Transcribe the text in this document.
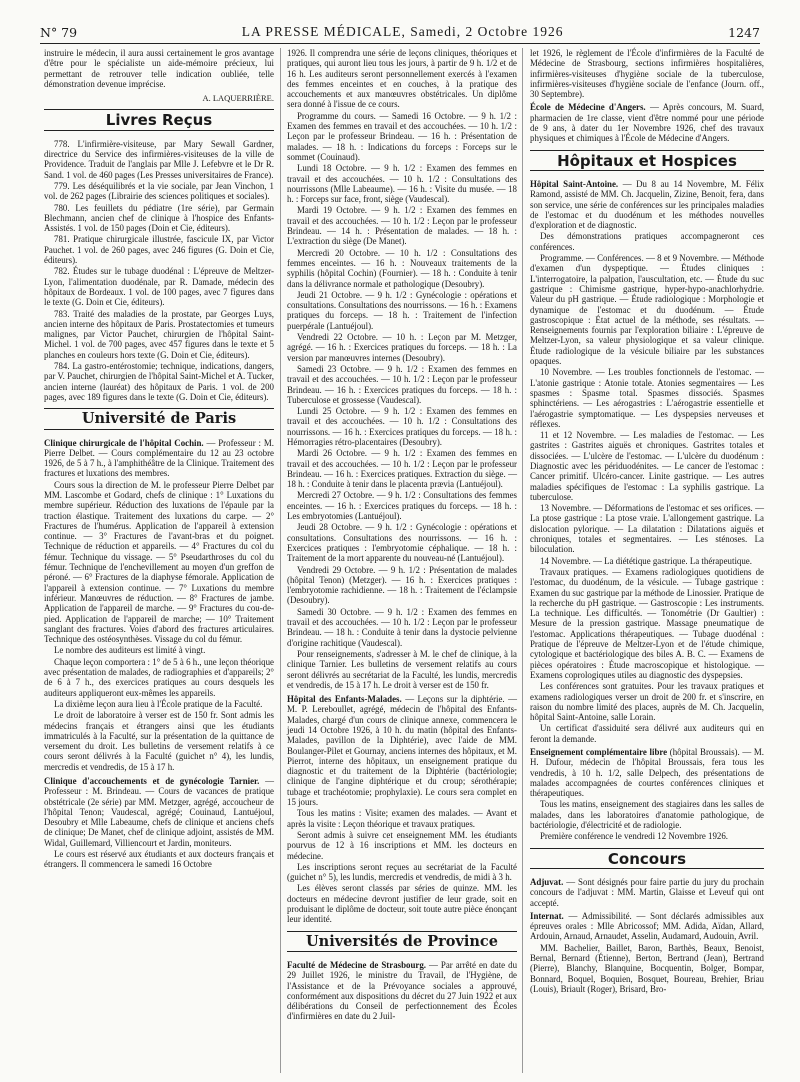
N° 79	LA PRESSE MÉDICALE, Samedi, 2 Octobre 1926	1247

instruire le médecin, il aura aussi certainement le gros avantage d'être pour le spécialiste un aide-mémoire précieux, lui permettant de retrouver telle indication oubliée, telle démonstration devenue imprécise.

A. LAQUERRIÈRE.
Livres Reçus

778. L'infirmière-visiteuse, par Mary Sewall Gardner, directrice du Service des infirmières-visiteuses de la ville de Providence. Traduit de l'anglais par Mlle J. Lefebvre et le Dr R. Sand. 1 vol. de 460 pages (Les Presses universitaires de France).

779. Les déséquilibrés et la vie sociale, par Jean Vinchon, 1 vol. de 262 pages (Librairie des sciences politiques et sociales).

780. Les feuillets du pédiatre (1re série), par Germain Blechmann, ancien chef de clinique à l'hospice des Enfants-Assistés. 1 vol. de 150 pages (Doin et Cie, éditeurs).

781. Pratique chirurgicale illustrée, fascicule IX, par Victor Pauchet. 1 vol. de 260 pages, avec 246 figures (G. Doin et Cie, éditeurs).

782. Études sur le tubage duodénal : L'épreuve de Meltzer-Lyon, l'alimentation duodénale, par R. Damade, médecin des hôpitaux de Bordeaux. 1 vol. de 100 pages, avec 7 figures dans le texte (G. Doin et Cie, éditeurs).

783. Traité des maladies de la prostate, par Georges Luys, ancien interne des hôpitaux de Paris. Prostatectomies et tumeurs malignes, par Victor Pauchet, chirurgien de l'hôpital Saint-Michel. 1 vol. de 700 pages, avec 457 figures dans le texte et 5 planches en couleurs hors texte (G. Doin et Cie, éditeurs).

784. La gastro-entérostomie; technique, indications, dangers, par V. Pauchet, chirurgien de l'hôpital Saint-Michel et A. Tucker, ancien interne (lauréat) des hôpitaux de Paris. 1 vol. de 200 pages, avec 189 figures dans le texte (G. Doin et Cie, éditeurs).

Université de Paris

Clinique chirurgicale de l'hôpital Cochin. — Professeur : M. Pierre Delbet. — Cours complémentaire du 12 au 23 octobre 1926, de 5 à 7 h., à l'amphithéâtre de la Clinique. Traitement des fractures et luxations des membres.

Cours sous la direction de M. le professeur Pierre Delbet par MM. Lascombe et Godard, chefs de clinique : 1° Luxations du membre supérieur. Réduction des luxations de l'épaule par la traction élastique. Traitement des luxations du carpe. — 2° Fractures de l'humérus. Application de l'appareil à extension continue. — 3° Fractures de l'avant-bras et du poignet. Technique de réduction et appareils. — 4° Fractures du col du fémur. Technique du vissage. — 5° Pseudarthroses du col du fémur. Technique de l'enchevillement au moyen d'un greffon de péroné. — 6° Fractures de la diaphyse fémorale. Application de l'appareil à extension continue. — 7° Luxations du membre inférieur. Manœuvres de réduction. — 8° Fractures de jambe. Application de l'appareil de marche. — 9° Fractures du cou-de-pied. Application de l'appareil de marche; — 10° Traitement sanglant des fractures. Voies d'abord des fractures articulaires. Technique des ostéosynthèses. Vissage du col du fémur.

Le nombre des auditeurs est limité à vingt.

Chaque leçon comportera : 1° de 5 à 6 h., une leçon théorique avec présentation de malades, de radiographies et d'appareils; 2° de 6 à 7 h., des exercices pratiques au cours desquels les auditeurs appliqueront eux-mêmes les appareils.

La dixième leçon aura lieu à l'École pratique de la Faculté.

Le droit de laboratoire à verser est de 150 fr. Sont admis les médecins français et étrangers ainsi que les étudiants immatriculés à la Faculté, sur la présentation de la quittance de versement du droit. Les bulletins de versement relatifs à ce cours seront délivrés à la Faculté (guichet n° 4), les lundis, mercredis et vendredis, de 15 à 17 h.

Clinique d'accouchements et de gynécologie Tarnier. — Professeur : M. Brindeau. — Cours de vacances de pratique obstétricale (2e série) par MM. Metzger, agrégé, accoucheur de l'hôpital Tenon; Vaudescal, agrégé; Couinaud, Lantuéjoul, Desoubry et Mlle Labeaume, chefs de clinique et anciens chefs de clinique; De Manet, chef de clinique adjoint, assistés de MM. Widal, Guillemard, Villiencourt et Jardin, moniteurs.

Le cours est réservé aux étudiants et aux docteurs français et étrangers. Il commencera le samedi 16 Octobre

1926. Il comprendra une série de leçons cliniques, théoriques et pratiques, qui auront lieu tous les jours, à partir de 9 h. 1/2 et de 16 h. Les auditeurs seront personnellement exercés à l'examen des femmes enceintes et en couches, à la pratique des accouchements et aux manœuvres obstétricales. Un diplôme sera donné à l'issue de ce cours.

Programme du cours. — Samedi 16 Octobre. — 9 h. 1/2 : Examen des femmes en travail et des accouchées. — 10 h. 1/2 : Leçon par le professeur Brindeau. — 16 h. : Présentation de malades. — 18 h. : Indications du forceps : Forceps sur le sommet (Couinaud).

Lundi 18 Octobre. — 9 h. 1/2 : Examen des femmes en travail et des accouchées. — 10 h. 1/2 : Consultations des nourrissons (Mlle Labeaume). — 16 h. : Visite du musée. — 18 h. : Forceps sur face, front, siège (Vaudescal).

Mardi 19 Octobre. — 9 h. 1/2 : Examen des femmes en travail et des accouchées. — 10 h. 1/2 : Leçon par le professeur Brindeau. — 14 h. : Présentation de malades. — 18 h. : L'extraction du siège (De Manet).

Mercredi 20 Octobre. — 10 h. 1/2 : Consultations des femmes enceintes. — 16 h. : Nouveaux traitements de la syphilis (hôpital Cochin) (Fournier). — 18 h. : Conduite à tenir dans la délivrance normale et pathologique (Desoubry).

Jeudi 21 Octobre. — 9 h. 1/2 : Gynécologie : opérations et consultations. Consultations des nourrissons. — 16 h. : Examens pratiques du forceps. — 18 h. : Traitement de l'infection puerpérale (Lantuéjoul).

Vendredi 22 Octobre. — 10 h. : Leçon par M. Metzger, agrégé. — 16 h. : Exercices pratiques du forceps. — 18 h. : La version par manœuvres internes (Desoubry).

Samedi 23 Octobre. — 9 h. 1/2 : Examen des femmes en travail et des accouchées. — 10 h. 1/2 : Leçon par le professeur Brindeau. — 16 h. : Exercices pratiques du forceps. — 18 h. : Tuberculose et grossesse (Vaudescal).

Lundi 25 Octobre. — 9 h. 1/2 : Examen des femmes en travail et des accouchées. — 10 h. 1/2 : Consultations des nourrissons. — 16 h. : Exercices pratiques du forceps. — 18 h. : Hémorragies rétro-placentaires (Desoubry).

Mardi 26 Octobre. — 9 h. 1/2 : Examen des femmes en travail et des accouchées. — 10 h. 1/2 : Leçon par le professeur Brindeau. — 16 h. : Exercices pratiques. Extraction du siège. — 18 h. : Conduite à tenir dans le placenta prævia (Lantuéjoul).

Mercredi 27 Octobre. — 9 h. 1/2 : Consultations des femmes enceintes. — 16 h. : Exercices pratiques du forceps. — 18 h. : Les embryotomies (Lantuéjoul).

Jeudi 28 Octobre. — 9 h. 1/2 : Gynécologie : opérations et consultations. Consultations des nourrissons. — 16 h. : Exercices pratiques : l'embryotomie céphalique. — 18 h. : Traitement de la mort apparente du nouveau-né (Lantuéjoul).

Vendredi 29 Octobre. — 9 h. 1/2 : Présentation de malades (hôpital Tenon) (Metzger). — 16 h. : Exercices pratiques : l'embryotomie rachidienne. — 18 h. : Traitement de l'éclampsie (Desoubry).

Samedi 30 Octobre. — 9 h. 1/2 : Examen des femmes en travail et des accouchées. — 10 h. 1/2 : Leçon par le professeur Brindeau. — 18 h. : Conduite à tenir dans la dystocie pelvienne d'origine rachitique (Vaudescal).

Pour renseignements, s'adresser à M. le chef de clinique, à la clinique Tarnier. Les bulletins de versement relatifs au cours seront délivrés au secrétariat de la Faculté, les lundis, mercredis et vendredis, de 15 à 17 h. Le droit à verser est de 150 fr.

Hôpital des Enfants-Malades. — Leçons sur la diphtérie. — M. P. Lereboullet, agrégé, médecin de l'hôpital des Enfants-Malades, chargé d'un cours de clinique annexe, commencera le jeudi 14 Octobre 1926, à 10 h. du matin (hôpital des Enfants-Malades, pavillon de la Diphtérie), avec l'aide de MM. Boulanger-Pilet et Gournay, anciens internes des hôpitaux, et M. Pierrot, interne des hôpitaux, un enseignement pratique du diagnostic et du traitement de la Diphtérie (bactériologie; clinique de l'angine diphtérique et du croup; sérothérapie; tubage et trachéotomie; prophylaxie). Le cours sera complet en 15 jours.

Tous les matins : Visite; examen des malades. — Avant et après la visite : Leçon théorique et travaux pratiques.

Seront admis à suivre cet enseignement MM. les étudiants pourvus de 12 à 16 inscriptions et MM. les docteurs en médecine.

Les inscriptions seront reçues au secrétariat de la Faculté (guichet n° 5), les lundis, mercredis et vendredis, de midi à 3 h.

Les élèves seront classés par séries de quinze. MM. les docteurs en médecine devront justifier de leur grade, soit en produisant le diplôme de docteur, soit toute autre pièce énonçant leur identité.

Universités de Province

Faculté de Médecine de Strasbourg. — Par arrêté en date du 29 Juillet 1926, le ministre du Travail, de l'Hygiène, de l'Assistance et de la Prévoyance sociales a approuvé, conformément aux dispositions du décret du 27 Juin 1922 et aux délibérations du Conseil de perfectionnement des Écoles d'infirmières en date du 2 Juil-

let 1926, le règlement de l'École d'infirmières de la Faculté de Médecine de Strasbourg, sections infirmières hospitalières, infirmières-visiteuses d'hygiène sociale de la tuberculose, infirmières-visiteuses d'hygiène sociale de l'enfance (Journ. off., 30 Septembre).

École de Médecine d'Angers. — Après concours, M. Suard, pharmacien de 1re classe, vient d'être nommé pour une période de 9 ans, à dater du 1er Novembre 1926, chef des travaux physiques et chimiques à l'École de Médecine d'Angers.

Hôpitaux et Hospices

Hôpital Saint-Antoine. — Du 8 au 14 Novembre, M. Félix Ramond, assisté de MM. Ch. Jacquelin, Zizine, Benoit, fera, dans son service, une série de conférences sur les principales maladies de l'estomac et du duodénum et les méthodes nouvelles d'exploration et de diagnostic.

Des démonstrations pratiques accompagneront ces conférences.

Programme. — Conférences. — 8 et 9 Novembre. — Méthode d'examen d'un dyspeptique. — Études cliniques : L'interrogatoire, la palpation, l'auscultation, etc. — Étude du suc gastrique : Chimisme gastrique, hyper-hypo-anachlorhydrie. Valeur du pH gastrique. — Étude radiologique : Morphologie et dynamique de l'estomac et du duodénum. — Étude gastroscopique : État actuel de la méthode, ses résultats. — Renseignements fournis par l'exploration biliaire : L'épreuve de Meltzer-Lyon, sa valeur physiologique et sa valeur clinique. Étude radiologique de la vésicule biliaire par les substances opaques.

10 Novembre. — Les troubles fonctionnels de l'estomac. — L'atonie gastrique : Atonie totale. Atonies segmentaires — Les spasmes : Spasme total. Spasmes dissociés. Spasmes sphinctériens. — Les aérogastries : L'aérogastrie essentielle et l'aérogastrie symptomatique. — Les dyspepsies nerveuses et réflexes.

11 et 12 Novembre. — Les maladies de l'estomac. — Les gastrites : Gastrites aiguës et chroniques. Gastrites totales et dissociées. — L'ulcère de l'estomac. — L'ulcère du duodénum : Diagnostic avec les périduodénites. — Le cancer de l'estomac : Cancer primitif. Ulcéro-cancer. Linite gastrique. — Les autres maladies spécifiques de l'estomac : La syphilis gastrique. La tuberculose.

13 Novembre. — Déformations de l'estomac et ses orifices. — La ptose gastrique : La ptose vraie. L'allongement gastrique. La dislocation pylorique. — La dilatation : Dilatations aiguës et chroniques, totales et segmentaires. — Les sténoses. La biloculation.

14 Novembre. — La diététique gastrique. La thérapeutique.

Travaux pratiques. — Examens radiologiques quotidiens de l'estomac, du duodénum, de la vésicule. — Tubage gastrique : Examen du suc gastrique par la méthode de Linossier. Pratique de la recherche du pH gastrique. — Gastroscopie : Les instruments. La technique. Les difficultés. — Tonométrie (Dr Gaultier) : Mesure de la pression gastrique. Massage pneumatique de l'estomac. Applications thérapeutiques. — Tubage duodénal : Pratique de l'épreuve de Meltzer-Lyon et de l'étude chimique, cytologique et bactériologique des biles A. B. C. — Examens de pièces opératoires : Étude macroscopique et histologique. — Examens coprologiques utiles au diagnostic des dyspepsies.

Les conférences sont gratuites. Pour les travaux pratiques et examens radiologiques verser un droit de 200 fr. et s'inscrire, en raison du nombre limité des places, auprès de M. Ch. Jacquelin, hôpital Saint-Antoine, salle Lorain.

Un certificat d'assiduité sera délivré aux auditeurs qui en feront la demande.

Enseignement complémentaire libre (hôpital Broussais). — M. H. Dufour, médecin de l'hôpital Broussais, fera tous les vendredis, à 10 h. 1/2, salle Delpech, des présentations de malades accompagnées de courtes conférences cliniques et thérapeutiques.

Tous les matins, enseignement des stagiaires dans les salles de malades, dans les laboratoires d'anatomie pathologique, de bactériologie, d'électricité et de radiologie.

Première conférence le vendredi 12 Novembre 1926.

Concours

Adjuvat. — Sont désignés pour faire partie du jury du prochain concours de l'adjuvat : MM. Martin, Glaisse et Leveuf qui ont accepté.

Internat. — Admissibilité. — Sont déclarés admissibles aux épreuves orales : Mlle Abricossof; MM. Adida, Aïdan, Allard, Ardouin, Arnaud, Arnaudet, Asselin, Audamard, Audouin, Avril.

MM. Bachelier, Baillet, Baron, Barthès, Beaux, Benoist, Bernal, Bernard (Étienne), Berton, Bertrand (Jean), Bertrand (Pierre), Blanchy, Blanquine, Bocquentin, Bolger, Bompar, Bonnard, Boquel, Boquien, Bosquet, Boureau, Brehier, Briau (Louis), Briault (Roger), Brisard, Bro-
